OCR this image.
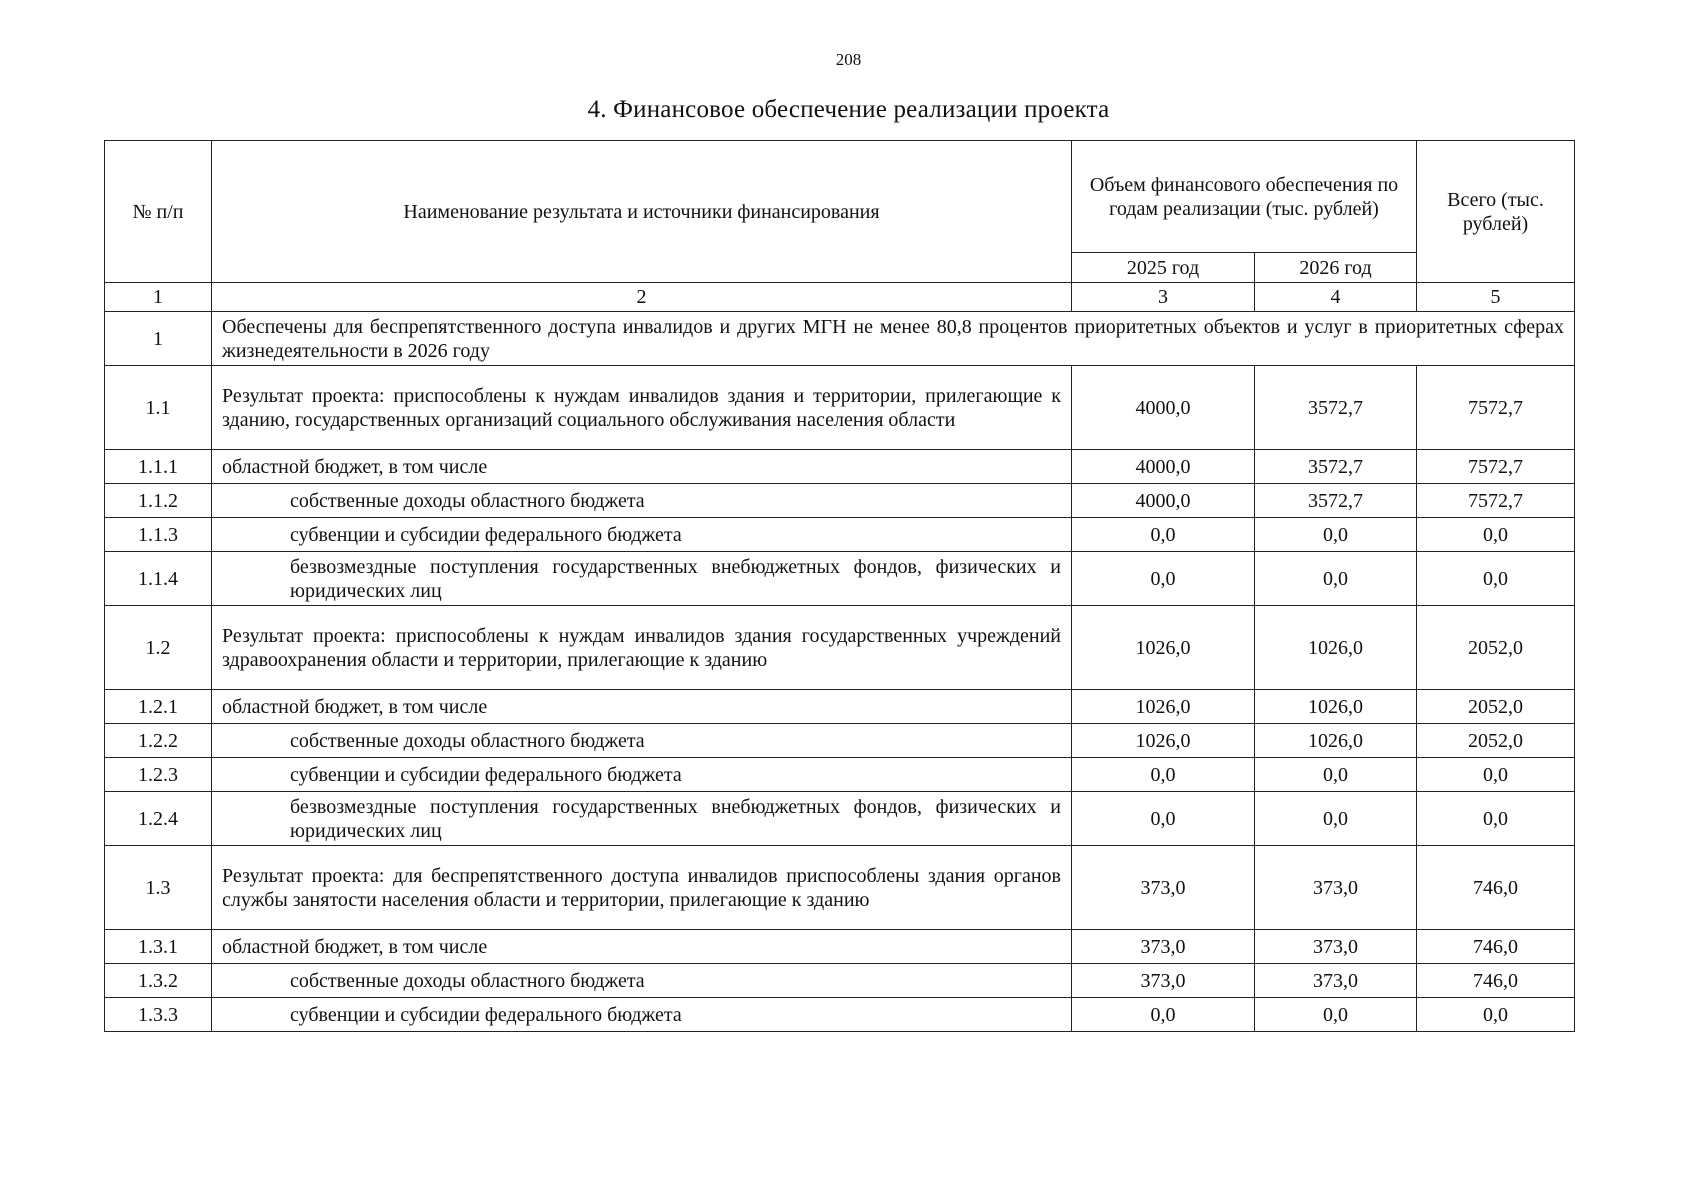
208
4. Финансовое обеспечение реализации проекта
№ п/п	Наименование результата и источники финансирования	Объем финансового обеспечения по годам реализации (тыс. рублей)		Всего (тыс. рублей)
		2025 год	2026 год	
1	2	3	4	5
1	Обеспечены для беспрепятственного доступа инвалидов и других МГН не менее 80,8 процентов приоритетных объектов и услуг в приоритетных сферах жизнедеятельности в 2026 году			
1.1	Результат проекта: приспособлены к нуждам инвалидов здания и территории, прилегающие к зданию, государственных организаций социального обслуживания населения области	4000,0	3572,7	7572,7
1.1.1	областной бюджет, в том числе	4000,0	3572,7	7572,7
1.1.2	собственные доходы областного бюджета	4000,0	3572,7	7572,7
1.1.3	субвенции и субсидии федерального бюджета	0,0	0,0	0,0
1.1.4	безвозмездные поступления государственных внебюджетных фондов, физических и юридических лиц	0,0	0,0	0,0
1.2	Результат проекта: приспособлены к нуждам инвалидов здания государственных учреждений здравоохранения области и территории, прилегающие к зданию	1026,0	1026,0	2052,0
1.2.1	областной бюджет, в том числе	1026,0	1026,0	2052,0
1.2.2	собственные доходы областного бюджета	1026,0	1026,0	2052,0
1.2.3	субвенции и субсидии федерального бюджета	0,0	0,0	0,0
1.2.4	безвозмездные поступления государственных внебюджетных фондов, физических и юридических лиц	0,0	0,0	0,0
1.3	Результат проекта: для беспрепятственного доступа инвалидов приспособлены здания органов службы занятости населения области и территории, прилегающие к зданию	373,0	373,0	746,0
1.3.1	областной бюджет, в том числе	373,0	373,0	746,0
1.3.2	собственные доходы областного бюджета	373,0	373,0	746,0
1.3.3	субвенции и субсидии федерального бюджета	0,0	0,0	0,0
